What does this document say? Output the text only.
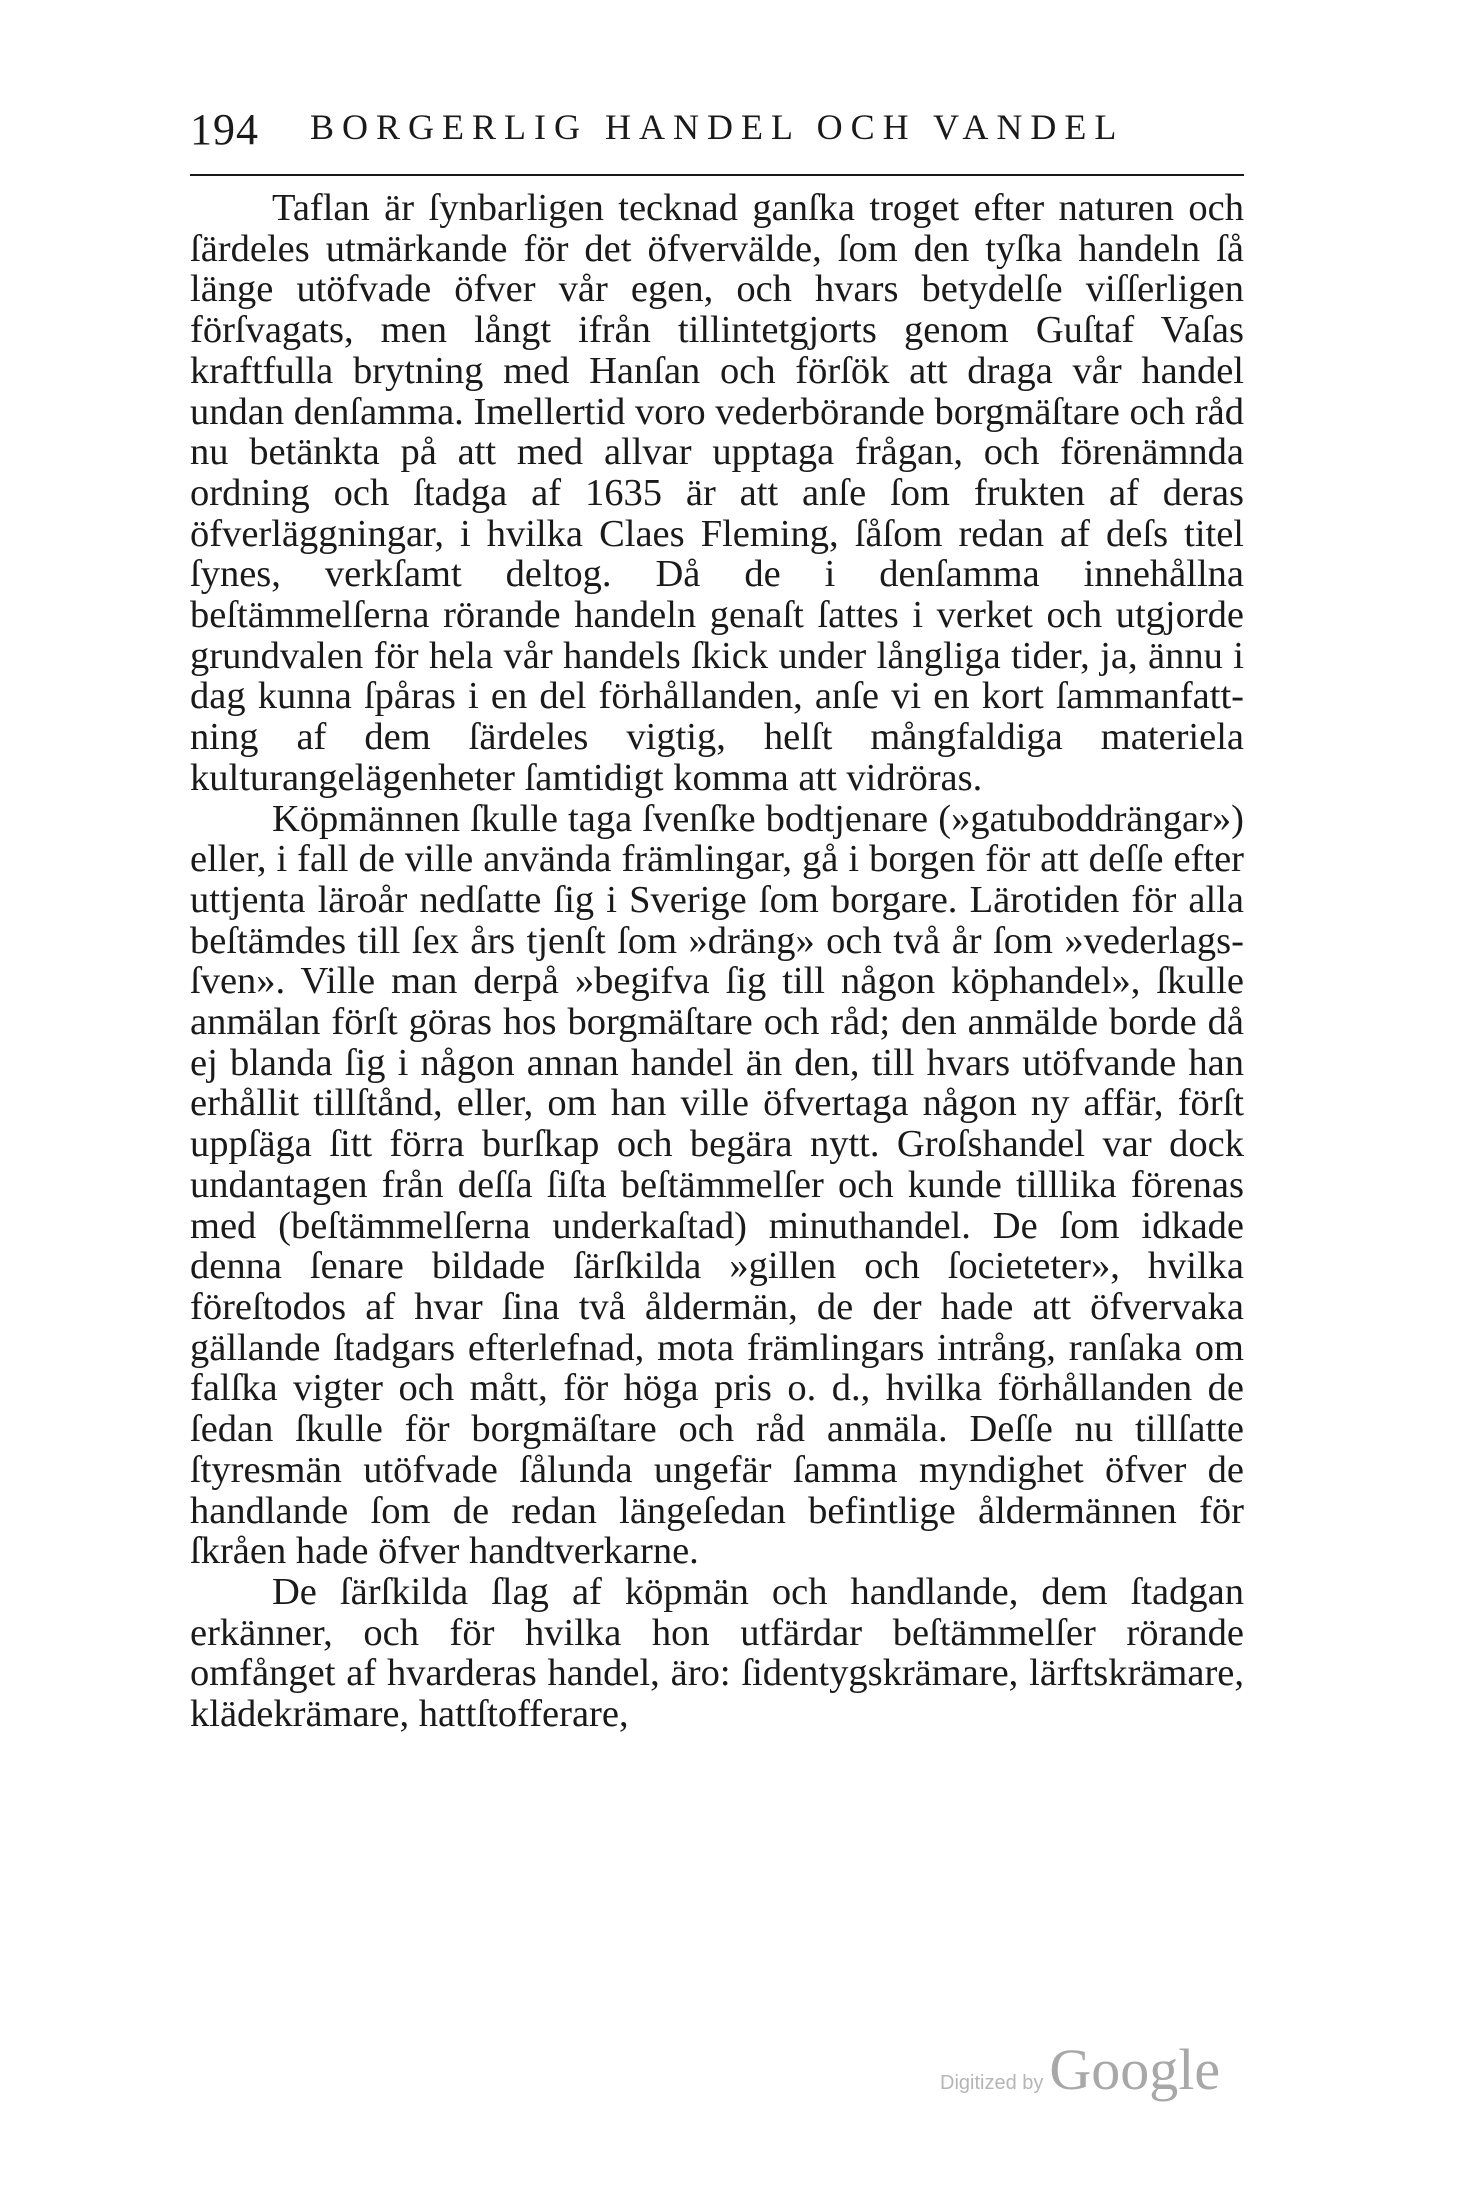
194 BORGERLIG HANDEL OCH VANDEL

Taflan är ſynbarligen tecknad ganſka troget efter naturen och ſärdeles utmärkande för det öfvervälde, ſom den tyſka handeln ſå länge utöfvade öfver vår egen, och hvars betydelſe viſſerligen förſvagats, men långt ifrån tillintetgjorts genom Guſtaf Vaſas kraftfulla brytning med Hanſan och förſök att draga vår handel undan denſamma. Imellertid voro vederbörande borgmäſtare och råd nu betänkta på att med allvar upptaga frågan, och förenämnda ordning och ſtadga af 1635 är att anſe ſom frukten af deras öfverläggningar, i hvilka Claes Fleming, ſåſom redan af deſs titel ſynes, verkſamt deltog. Då de i denſamma innehållna beſtämmelſerna rörande handeln genaſt ſattes i verket och utgjorde grundvalen för hela vår handels ſkick under långliga tider, ja, ännu i dag kunna ſpåras i en del förhållanden, anſe vi en kort ſammanfattning af dem ſärdeles vigtig, helſt mångfaldiga materiela kulturangelägenheter ſamtidigt komma att vidröras.

Köpmännen ſkulle taga ſvenſke bodtjenare (»gatuboddrängar») eller, i fall de ville använda främlingar, gå i borgen för att deſſe efter uttjenta läroår nedſatte ſig i Sverige ſom borgare. Lärotiden för alla beſtämdes till ſex års tjenſt ſom »dräng» och två år ſom »vederlagsſven». Ville man derpå »begifva ſig till någon köphandel», ſkulle anmälan förſt göras hos borgmäſtare och råd; den anmälde borde då ej blanda ſig i någon annan handel än den, till hvars utöfvande han erhållit tillſtånd, eller, om han ville öfvertaga någon ny affär, förſt uppſäga ſitt förra burſkap och begära nytt. Groſshandel var dock undantagen från deſſa ſiſta beſtämmelſer och kunde tilllika förenas med (beſtämmelſerna underkaſtad) minuthandel. De ſom idkade denna ſenare bildade ſärſkilda »gillen och ſocieteter», hvilka föreſtodos af hvar ſina två åldermän, de der hade att öfvervaka gällande ſtadgars efterlefnad, mota främlingars intrång, ranſaka om falſka vigter och mått, för höga pris o. d., hvilka förhållanden de ſedan ſkulle för borgmäſtare och råd anmäla. Deſſe nu tillſatte ſtyresmän utöfvade ſålunda ungefär ſamma myndighet öfver de handlande ſom de redan längeſedan befintlige åldermännen för ſkråen hade öfver handtverkarne.

De ſärſkilda ſlag af köpmän och handlande, dem ſtadgan erkänner, och för hvilka hon utfärdar beſtämmelſer rörande omfånget af hvarderas handel, äro: ſidentygskrämare, lärftskrämare, klädekrämare, hattſtofferare,

Digitized by Google
